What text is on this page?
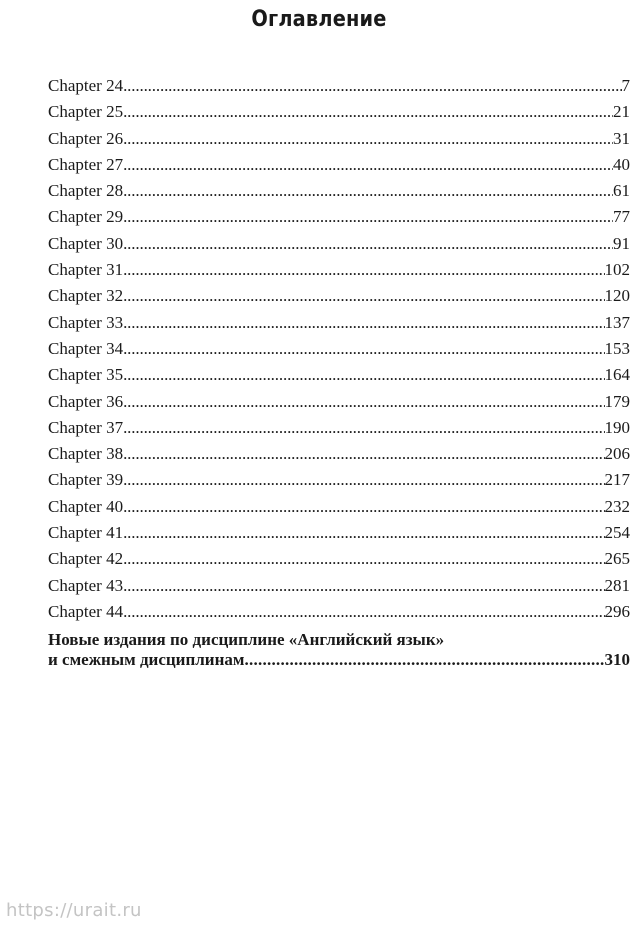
Оглавление
Chapter 24 . . .	7
Chapter 25 . . .	21
Chapter 26 . . .	31
Chapter 27 . . .	40
Chapter 28 . . .	61
Chapter 29 . . .	77
Chapter 30 . . .	91
Chapter 31 . . .	102
Chapter 32 . . .	120
Chapter 33 . . .	137
Chapter 34 . . .	153
Chapter 35 . . .	164
Chapter 36 . . .	179
Chapter 37 . . .	190
Chapter 38 . . .	206
Chapter 39 . . .	217
Chapter 40 . . .	232
Chapter 41 . . .	254
Chapter 42 . . .	265
Chapter 43 . . .	281
Chapter 44 . . .	296
Новые издания по дисциплине «Английский язык»
и смежным дисциплинам . . .	310
https://urait.ru
